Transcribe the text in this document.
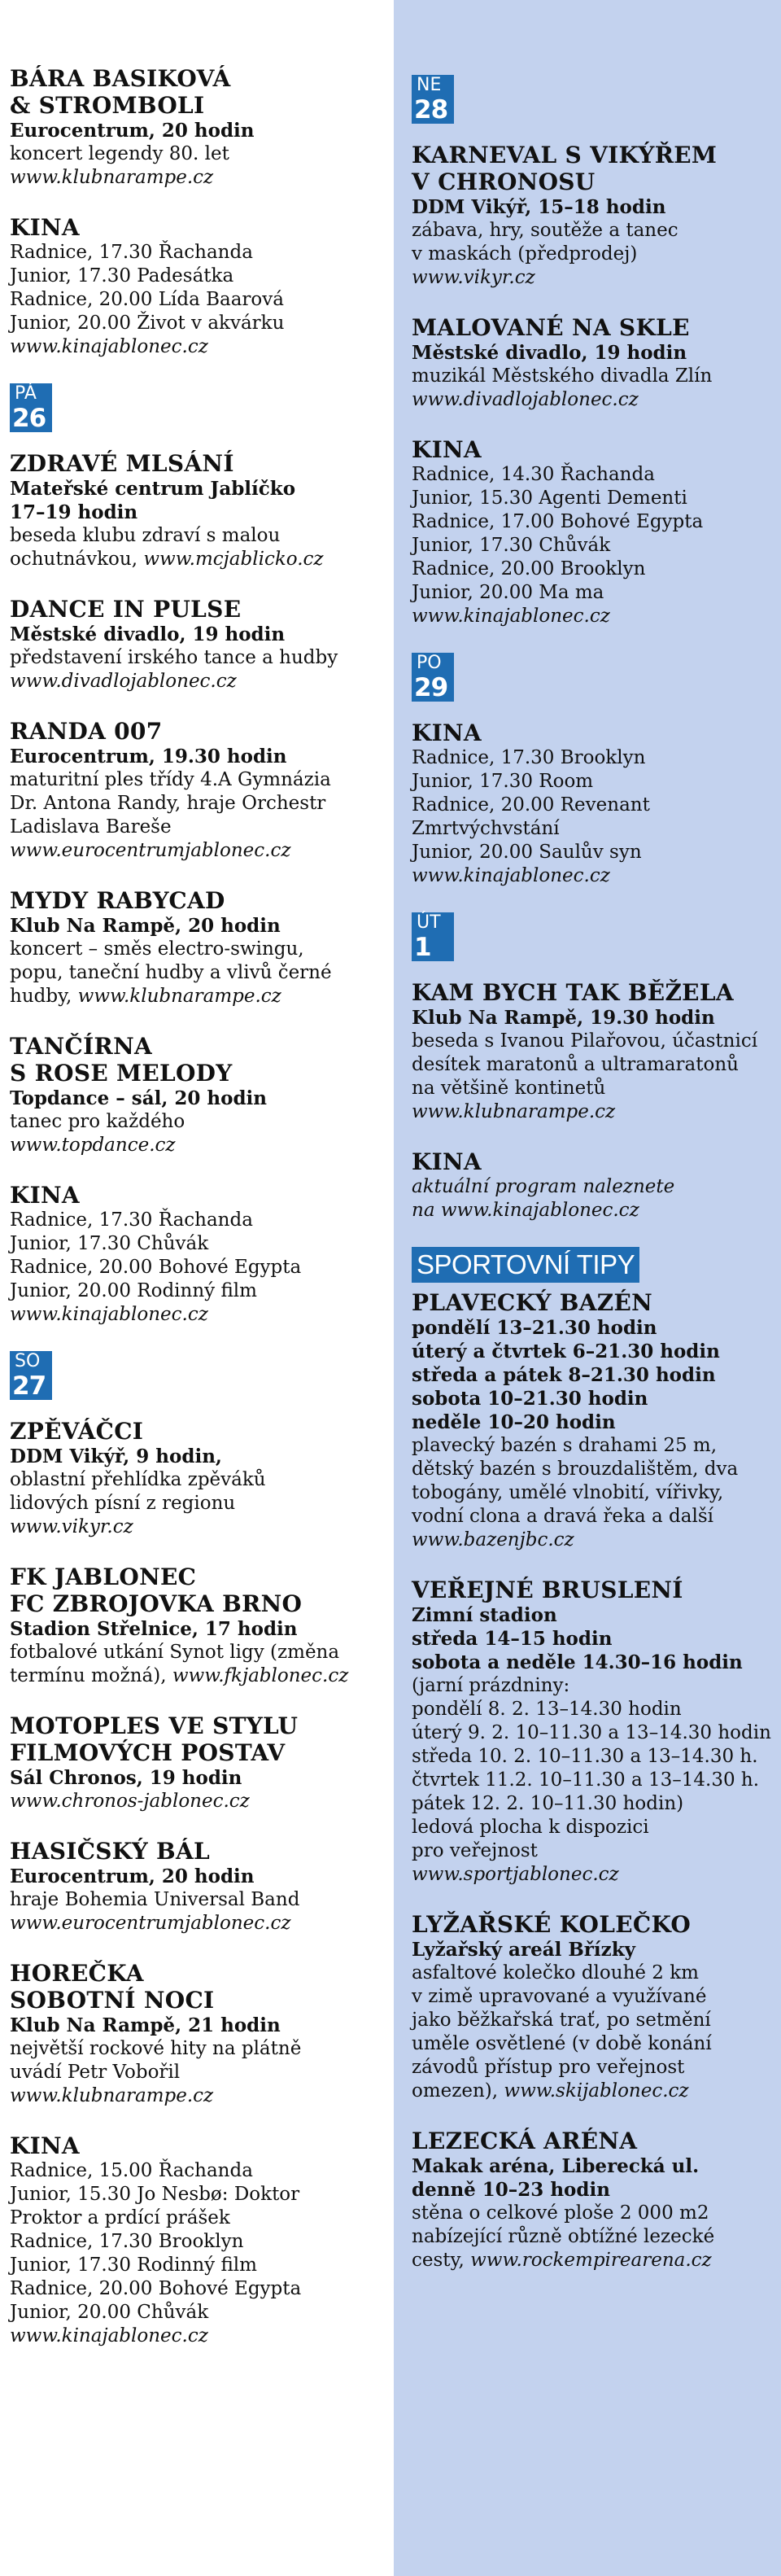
BÁRA BASIKOVÁ
& STROMBOLI
Eurocentrum, 20 hodin
koncert legendy 80. let
www.klubnarampe.cz
KINA
Radnice, 17.30 Řachanda
Junior, 17.30 Padesátka
Radnice, 20.00 Lída Baarová
Junior, 20.00 Život v akvárku
www.kinajablonec.cz
PÁ
26
ZDRAVÉ MLSÁNÍ
Mateřské centrum Jablíčko
17–19 hodin
beseda klubu zdraví s malou
ochutnávkou, www.mcjablicko.cz
DANCE IN PULSE
Městské divadlo, 19 hodin
představení irského tance a hudby
www.divadlojablonec.cz
RANDA 007
Eurocentrum, 19.30 hodin
maturitní ples třídy 4.A Gymnázia
Dr. Antona Randy, hraje Orchestr
Ladislava Bareše
www.eurocentrumjablonec.cz
MYDY RABYCAD
Klub Na Rampě, 20 hodin
koncert – směs electro-swingu,
popu, taneční hudby a vlivů černé
hudby, www.klubnarampe.cz
TANČÍRNA
S ROSE MELODY
Topdance – sál, 20 hodin
tanec pro každého
www.topdance.cz
KINA
Radnice, 17.30 Řachanda
Junior, 17.30 Chůvák
Radnice, 20.00 Bohové Egypta
Junior, 20.00 Rodinný film
www.kinajablonec.cz
SO
27
ZPĚVÁČCI
DDM Vikýř, 9 hodin,
oblastní přehlídka zpěváků
lidových písní z regionu
www.vikyr.cz
FK JABLONEC
FC ZBROJOVKA BRNO
Stadion Střelnice, 17 hodin
fotbalové utkání Synot ligy (změna
termínu možná), www.fkjablonec.cz
MOTOPLES VE STYLU
FILMOVÝCH POSTAV
Sál Chronos, 19 hodin
www.chronos-jablonec.cz
HASIČSKÝ BÁL
Eurocentrum, 20 hodin
hraje Bohemia Universal Band
www.eurocentrumjablonec.cz
HOREČKA
SOBOTNÍ NOCI
Klub Na Rampě, 21 hodin
největší rockové hity na plátně
uvádí Petr Vobořil
www.klubnarampe.cz
KINA
Radnice, 15.00 Řachanda
Junior, 15.30 Jo Nesbø: Doktor
Proktor a prdící prášek
Radnice, 17.30 Brooklyn
Junior, 17.30 Rodinný film
Radnice, 20.00 Bohové Egypta
Junior, 20.00 Chůvák
www.kinajablonec.cz
NE
28
KARNEVAL S VIKÝŘEM
V CHRONOSU
DDM Vikýř, 15–18 hodin
zábava, hry, soutěže a tanec
v maskách (předprodej)
www.vikyr.cz
MALOVANÉ NA SKLE
Městské divadlo, 19 hodin
muzikál Městského divadla Zlín
www.divadlojablonec.cz
KINA
Radnice, 14.30 Řachanda
Junior, 15.30 Agenti Dementi
Radnice, 17.00 Bohové Egypta
Junior, 17.30 Chůvák
Radnice, 20.00 Brooklyn
Junior, 20.00 Ma ma
www.kinajablonec.cz
PO
29
KINA
Radnice, 17.30 Brooklyn
Junior, 17.30 Room
Radnice, 20.00 Revenant
Zmrtvýchvstání
Junior, 20.00 Saulův syn
www.kinajablonec.cz
ÚT
1
KAM BYCH TAK BĚŽELA
Klub Na Rampě, 19.30 hodin
beseda s Ivanou Pilařovou, účastnicí
desítek maratonů a ultramaratonů
na většině kontinetů
www.klubnarampe.cz
KINA
aktuální program naleznete
na www.kinajablonec.cz
SPORTOVNÍ TIPY
PLAVECKÝ BAZÉN
pondělí 13–21.30 hodin
úterý a čtvrtek 6–21.30 hodin
středa a pátek 8–21.30 hodin
sobota 10–21.30 hodin
neděle 10–20 hodin
plavecký bazén s drahami 25 m,
dětský bazén s brouzdalištěm, dva
tobogány, umělé vlnobití, vířivky,
vodní clona a dravá řeka a další
www.bazenjbc.cz
VEŘEJNÉ BRUSLENÍ
Zimní stadion
středa 14–15 hodin
sobota a neděle 14.30–16 hodin
(jarní prázdniny:
pondělí 8. 2. 13–14.30 hodin
úterý 9. 2. 10–11.30 a 13–14.30 hodin
středa 10. 2. 10–11.30 a 13–14.30 h.
čtvrtek 11.2. 10–11.30 a 13–14.30 h.
pátek 12. 2. 10–11.30 hodin)
ledová plocha k dispozici
pro veřejnost
www.sportjablonec.cz
LYŽAŘSKÉ KOLEČKO
Lyžařský areál Břízky
asfaltové kolečko dlouhé 2 km
v zimě upravované a využívané
jako běžkařská trať, po setmění
uměle osvětlené (v době konání
závodů přístup pro veřejnost
omezen), www.skijablonec.cz
LEZECKÁ ARÉNA
Makak aréna, Liberecká ul.
denně 10–23 hodin
stěna o celkové ploše 2 000 m2
nabízející různě obtížné lezecké
cesty, www.rockempirearena.cz
